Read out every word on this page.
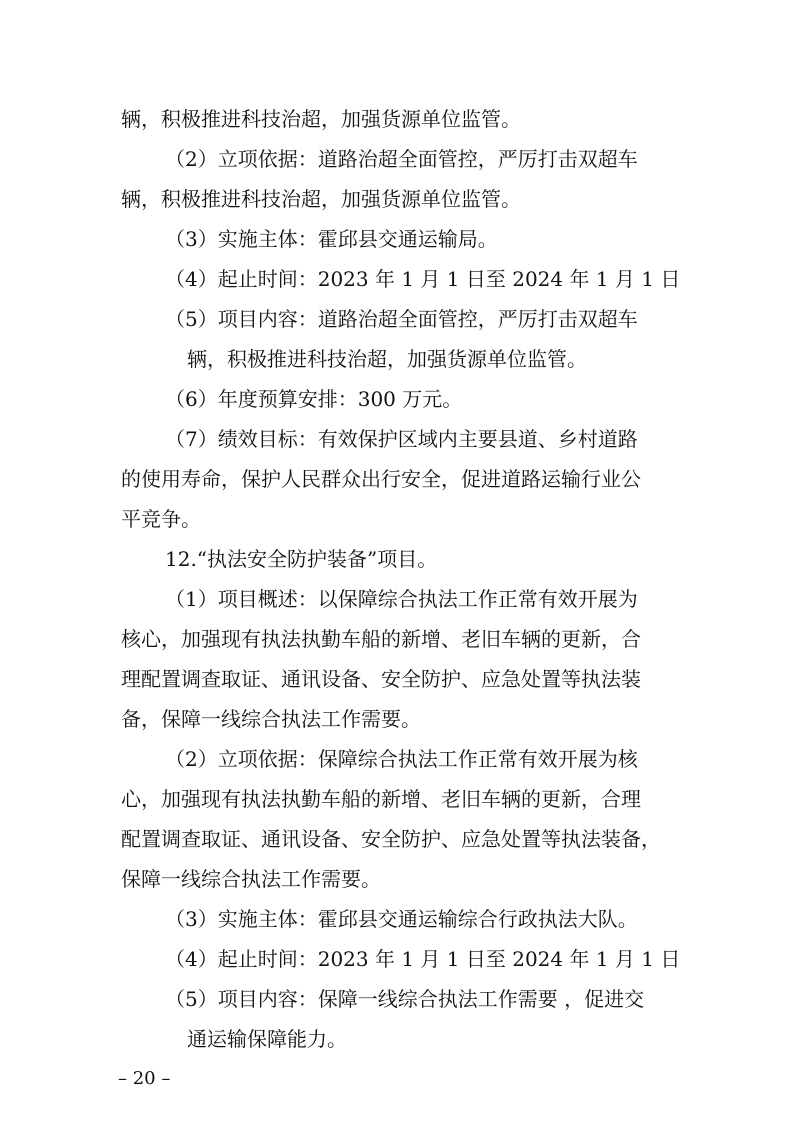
辆，积极推进科技治超，加强货源单位监管。
（2）立项依据：道路治超全面管控，严厉打击双超车
辆，积极推进科技治超，加强货源单位监管。
（3）实施主体：霍邱县交通运输局。
（4）起止时间：2023 年 1 月 1 日至 2024 年 1 月 1 日
（5）项目内容：道路治超全面管控，严厉打击双超车
辆，积极推进科技治超，加强货源单位监管。
（6）年度预算安排：300 万元。
（7）绩效目标：有效保护区域内主要县道、乡村道路
的使用寿命，保护人民群众出行安全，促进道路运输行业公
平竞争。
12.“执法安全防护装备”项目。
（1）项目概述：以保障综合执法工作正常有效开展为
核心，加强现有执法执勤车船的新增、老旧车辆的更新，合
理配置调查取证、通讯设备、安全防护、应急处置等执法装
备，保障一线综合执法工作需要。
（2）立项依据：保障综合执法工作正常有效开展为核
心，加强现有执法执勤车船的新增、老旧车辆的更新，合理
配置调查取证、通讯设备、安全防护、应急处置等执法装备，
保障一线综合执法工作需要。
（3）实施主体：霍邱县交通运输综合行政执法大队。
（4）起止时间：2023 年 1 月 1 日至 2024 年 1 月 1 日
（5）项目内容：保障一线综合执法工作需要 ，促进交
通运输保障能力。
– 20 –
